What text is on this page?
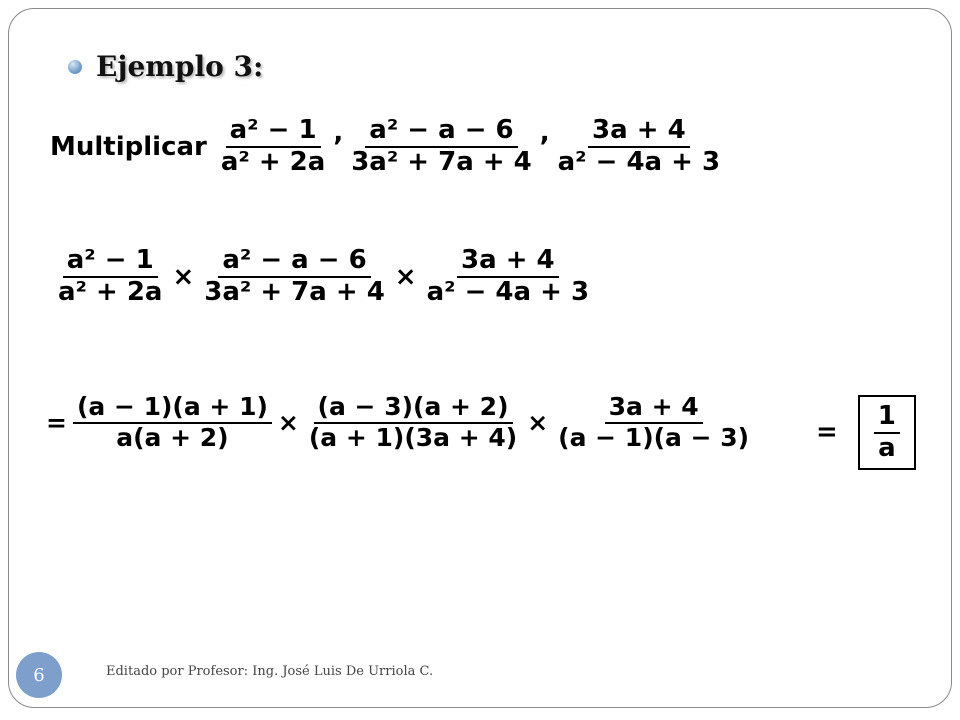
Ejemplo 3:
Multiplicar $\frac{\text{a² − 1}}{\text{a² + 2a}}$ , $\frac{\text{a² − a − 6}}{\text{3a² + 7a + 4}}$ , $\frac{3a + 4}{\text{a² − 4a + 3}}$
$\frac{\text{a² − 1}}{\text{a² + 2a}} \times \frac{\text{a² − a − 6}}{\text{3a² + 7a + 4}} \times \frac{3a + 4}{\text{a² − 4a + 3}}$
= $\frac{(a - 1)(a + 1)}{a(a + 2)} \times \frac{(a - 3)(a + 2)}{(a + 1)(3a + 4)} \times \frac{3a + 4}{(a - 1)(a - 3)} = \frac{1}{a}$
6	Editado por Profesor: Ing. José Luis De Urriola C.
